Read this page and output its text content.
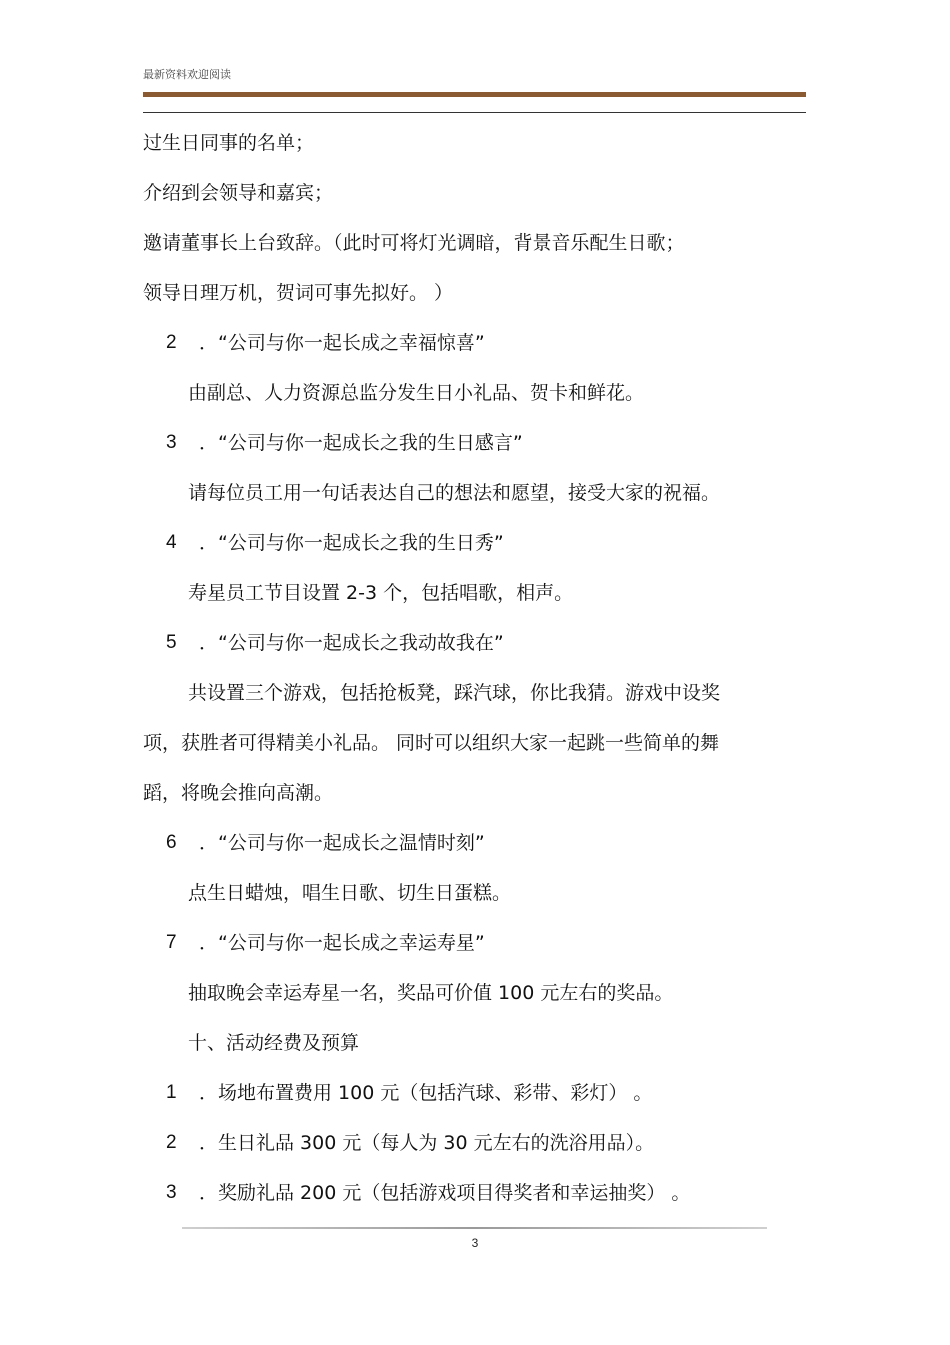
最新资料欢迎阅读
过生日同事的名单；
介绍到会领导和嘉宾；
邀请董事长上台致辞。（此时可将灯光调暗，背景音乐配生日歌；
领导日理万机，贺词可事先拟好。 ）
2 ．“公司与你一起长成之幸福惊喜”
由副总、人力资源总监分发生日小礼品、贺卡和鲜花。
3 ．“公司与你一起成长之我的生日感言”
请每位员工用一句话表达自己的想法和愿望，接受大家的祝福。
4 ．“公司与你一起成长之我的生日秀”
寿星员工节目设置 2-3 个，包括唱歌，相声。
5 ．“公司与你一起成长之我动故我在”
共设置三个游戏，包括抢板凳，踩汽球，你比我猜。游戏中设奖
项，获胜者可得精美小礼品。 同时可以组织大家一起跳一些简单的舞
蹈，将晚会推向高潮。
6 ．“公司与你一起成长之温情时刻”
点生日蜡烛，唱生日歌、切生日蛋糕。
7 ．“公司与你一起长成之幸运寿星”
抽取晚会幸运寿星一名，奖品可价值 100 元左右的奖品。
十、活动经费及预算
1 ．场地布置费用 100 元（包括汽球、彩带、彩灯） 。
2 ．生日礼品 300 元（每人为 30 元左右的洗浴用品）。
3 ．奖励礼品 200 元（包括游戏项目得奖者和幸运抽奖） 。
3
